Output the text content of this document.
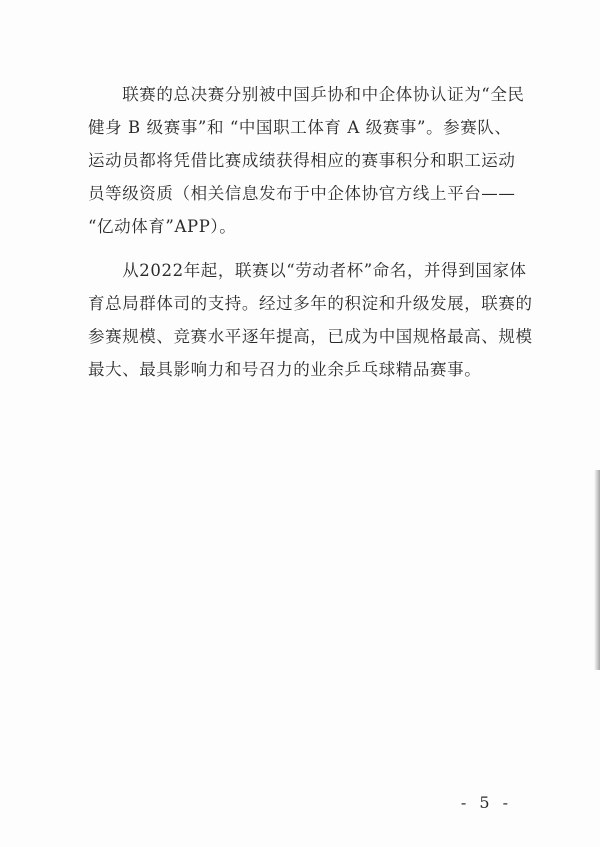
　　联赛的总决赛分别被中国乒协和中企体协认证为“全民
健身 B 级赛事”和 “中国职工体育 A 级赛事”。参赛队、
运动员都将凭借比赛成绩获得相应的赛事积分和职工运动
员等级资质（相关信息发布于中企体协官方线上平台——
“亿动体育”APP）。
　　从2022年起，联赛以“劳动者杯”命名，并得到国家体
育总局群体司的支持。经过多年的积淀和升级发展，联赛的
参赛规模、竞赛水平逐年提高，已成为中国规格最高、规模
最大、最具影响力和号召力的业余乒乓球精品赛事。
- 5 -
